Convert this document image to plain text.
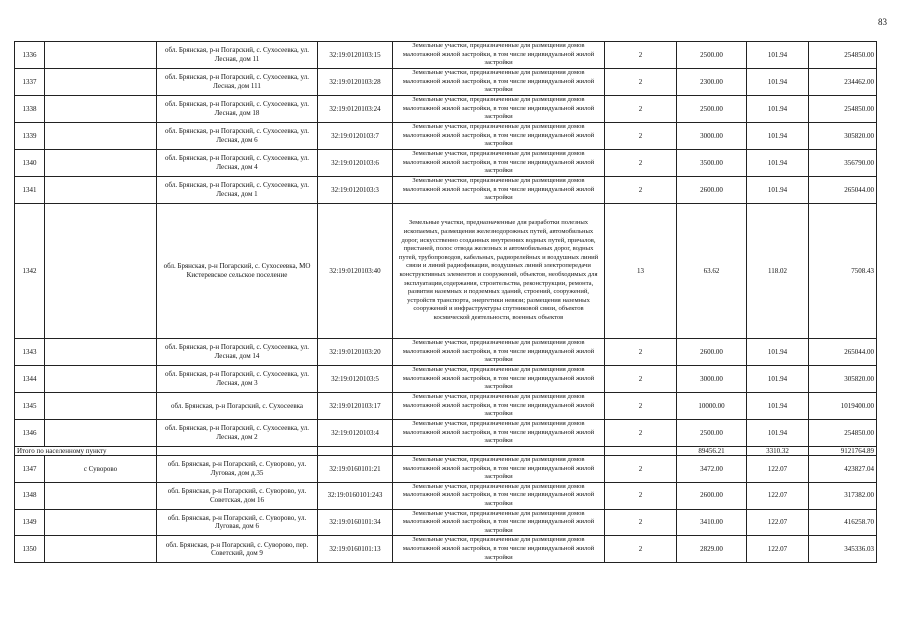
83
1336		обл. Брянская, р-н Погарский, с. Сухосеевка, ул. Лесная, дом 11	32:19:0120103:15	Земельные участки, предназначенные для размещения домов малоэтажной жилой застройки, в том числе индивидуальной жилой застройки	2	2500.00	101.94	254850.00
1337		обл. Брянская, р-н Погарский, с. Сухосеевка, ул. Лесная, дом 111	32:19:0120103:28	Земельные участки, предназначенные для размещения домов малоэтажной жилой застройки, в том числе индивидуальной жилой застройки	2	2300.00	101.94	234462.00
1338		обл. Брянская, р-н Погарский, с. Сухосеевка, ул. Лесная, дом 18	32:19:0120103:24	Земельные участки, предназначенные для размещения домов малоэтажной жилой застройки, в том числе индивидуальной жилой застройки	2	2500.00	101.94	254850.00
1339		обл. Брянская, р-н Погарский, с. Сухосеевка, ул. Лесная, дом 6	32:19:0120103:7	Земельные участки, предназначенные для размещения домов малоэтажной жилой застройки, в том числе индивидуальной жилой застройки	2	3000.00	101.94	305820.00
1340		обл. Брянская, р-н Погарский, с. Сухосеевка, ул. Лесная, дом 4	32:19:0120103:6	Земельные участки, предназначенные для размещения домов малоэтажной жилой застройки, в том числе индивидуальной жилой застройки	2	3500.00	101.94	356790.00
1341		обл. Брянская, р-н Погарский, с. Сухосеевка, ул. Лесная, дом 1	32:19:0120103:3	Земельные участки, предназначенные для размещения домов малоэтажной жилой застройки, в том числе индивидуальной жилой застройки	2	2600.00	101.94	265044.00
1342		обл. Брянская, р-н Погарский, с. Сухосеевка, МО Кистеревское сельское поселение	32:19:0120103:40	Земельные участки, предназначенные для разработки полезных ископаемых, размещения железнодорожных путей, автомобильных дорог, искусственно созданных внутренних водных путей, причалов, пристаней, полос отвода железных и автомобильных дорог, водных путей, трубопроводов, кабельных, радиорелейных и воздушных линий связи и линий радиофикации, воздушных линий электропередачи конструктивных элементов и сооружений, объектов, необходимых для эксплуатации,содержания, строительства, реконструкции, ремонта, развития наземных и подземных зданий, строений, сооружений, устройств транспорта, энергетики невязи; размещения наземных сооружений и инфраструктуры спутниковой связи, объектов космической деятельности, военных объектов	13	63.62	118.02	7508.43
1343		обл. Брянская, р-н Погарский, с. Сухосеевка, ул. Лесная, дом 14	32:19:0120103:20	Земельные участки, предназначенные для размещения домов малоэтажной жилой застройки, в том числе индивидуальной жилой застройки	2	2600.00	101.94	265044.00
1344		обл. Брянская, р-н Погарский, с. Сухосеевка, ул. Лесная, дом 3	32:19:0120103:5	Земельные участки, предназначенные для размещения домов малоэтажной жилой застройки, в том числе индивидуальной жилой застройки	2	3000.00	101.94	305820.00
1345		обл. Брянская, р-н Погарский, с. Сухосеевка	32:19:0120103:17	Земельные участки, предназначенные для размещения домов малоэтажной жилой застройки, в том числе индивидуальной жилой застройки	2	10000.00	101.94	1019400.00
1346		обл. Брянская, р-н Погарский, с. Сухосеевка, ул. Лесная, дом 2	32:19:0120103:4	Земельные участки, предназначенные для размещения домов малоэтажной жилой застройки, в том числе индивидуальной жилой застройки	2	2500.00	101.94	254850.00
Итого по населенному пункту						89456.21	3310.32	9121764.89
1347	с Суворово	обл. Брянская, р-н Погарский, с. Суворово, ул. Луговая, дом д.35	32:19:0160101:21	Земельные участки, предназначенные для размещения домов малоэтажной жилой застройки, в том числе индивидуальной жилой застройки	2	3472.00	122.07	423827.04
1348		обл. Брянская, р-н Погарский, с. Суворово, ул. Советская, дом 16	32:19:0160101:243	Земельные участки, предназначенные для размещения домов малоэтажной жилой застройки, в том числе индивидуальной жилой застройки	2	2600.00	122.07	317382.00
1349		обл. Брянская, р-н Погарский, с. Суворово, ул. Луговая, дом 6	32:19:0160101:34	Земельные участки, предназначенные для размещения домов малоэтажной жилой застройки, в том числе индивидуальной жилой застройки	2	3410.00	122.07	416258.70
1350		обл. Брянская, р-н Погарский, с. Суворово, пер. Советский, дом 9	32:19:0160101:13	Земельные участки, предназначенные для размещения домов малоэтажной жилой застройки, в том числе индивидуальной жилой застройки	2	2829.00	122.07	345336.03
